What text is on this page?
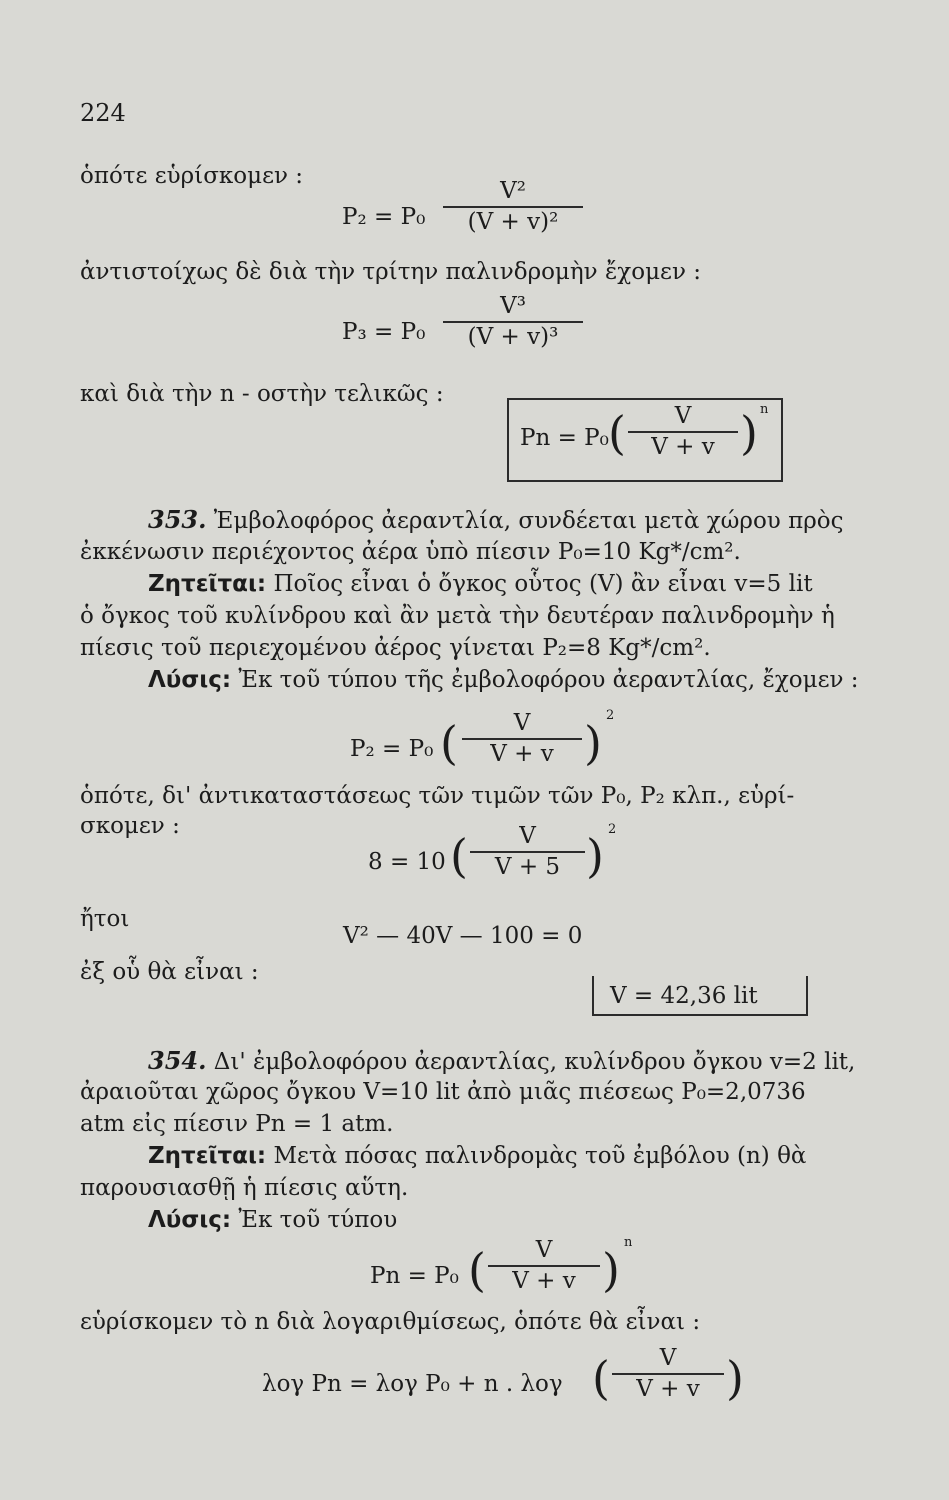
224
ὁπότε εὑρίσκομεν :
$P_2 = P_0 \frac{\text{V²}}{\text{(V + v)²}}$
ἀντιστοίχως δὲ διὰ τὴν τρίτην παλινδρομὴν ἔχομεν :
$P_3 = P_0 \frac{\text{V³}}{\text{(V + v)³}}$
καὶ διὰ τὴν n - οστὴν τελικῶς :
Pn = P₀ ( $\frac{V}{V + v}$ ) n
353. Ἐμβολοφόρος ἀεραντλία, συνδέεται μετὰ χώρου πρὸς
ἐκκένωσιν περιέχοντος ἀέρα ὑπὸ πίεσιν P₀=10 Kg*/cm².
Ζητεῖται: Ποῖος εἶναι ὁ ὄγκος οὗτος (V) ἂν εἶναι v=5 lit
ὁ ὄγκος τοῦ κυλίνδρου καὶ ἂν μετὰ τὴν δευτέραν παλινδρομὴν ἡ
πίεσις τοῦ περιεχομένου ἀέρος γίνεται P₂=8 Kg*/cm².
Λύσις: Ἐκ τοῦ τύπου τῆς ἐμβολοφόρου ἀεραντλίας, ἔχομεν :
P₂ = P₀ ( $\frac{V}{V + v}$ )
2
ὁπότε, δι' ἀντικαταστάσεως τῶν τιμῶν τῶν P₀, P₂ κλπ., εὑρί-
σκομεν :
8 = 10 ( $\frac{V}{V + 5}$ ) 2
ἤτοι
V² — 40V — 100 = 0
ἐξ οὗ θὰ εἶναι :
V = 42,36 lit
354. Δι' ἐμβολοφόρου ἀεραντλίας, κυλίνδρου ὄγκου v=2 lit,
ἀραιοῦται χῶρος ὄγκου V=10 lit ἀπὸ μιᾶς πιέσεως P₀=2,0736
atm εἰς πίεσιν Pn = 1 atm.
Ζητεῖται: Μετὰ πόσας παλινδρομὰς τοῦ ἐμβόλου (n) θὰ
παρουσιασθῇ ἡ πίεσις αὕτη.
Λύσις: Ἐκ τοῦ τύπου
Pn = P₀ ( $\frac{V}{V + v}$ )
n
εὑρίσκομεν τὸ n διὰ λογαριθμίσεως, ὁπότε θὰ εἶναι :
λογ Pn = λογ P₀ + n . λογ ( $\frac{V}{V + v}$ )
